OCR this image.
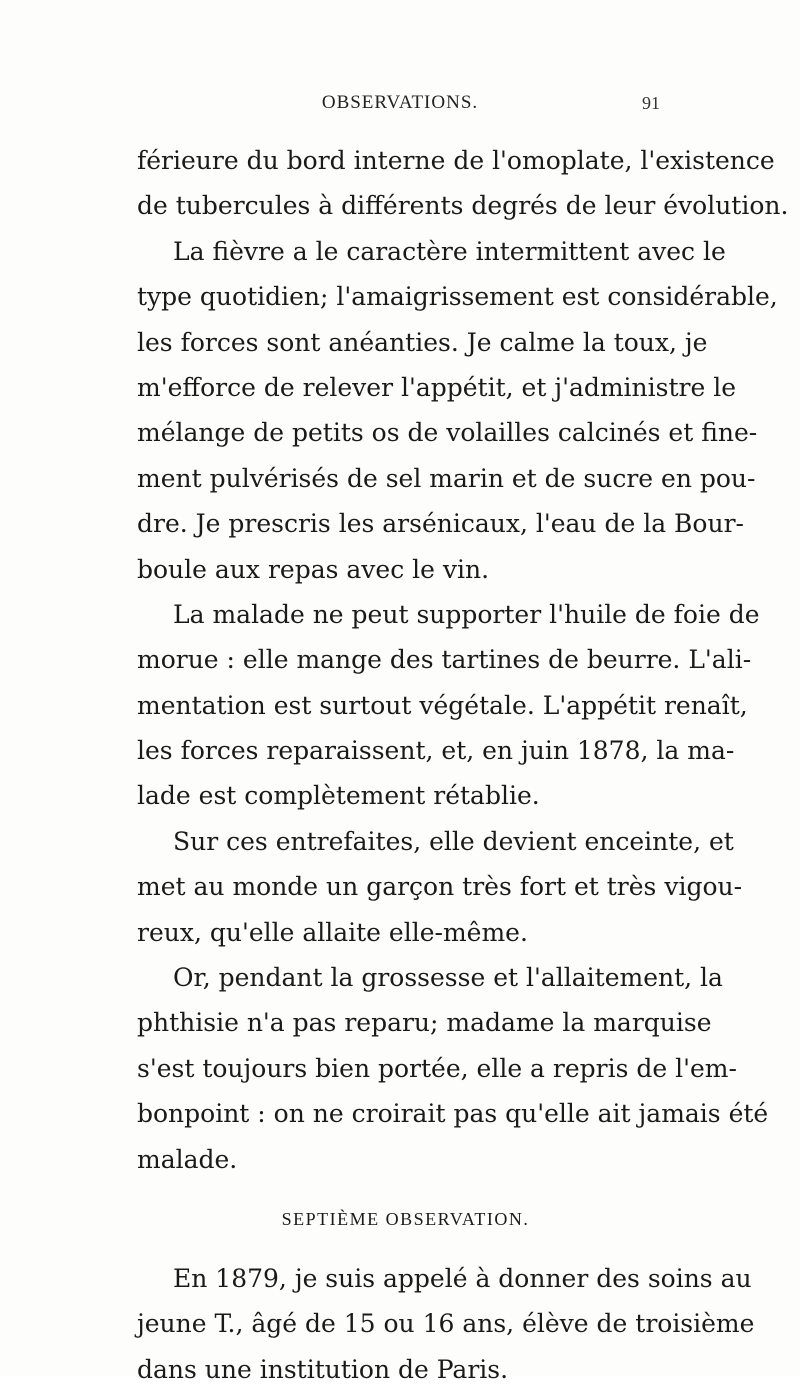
OBSERVATIONS.	91
férieure du bord interne de l'omoplate, l'existence
de tubercules à différents degrés de leur évolution.
La fièvre a le caractère intermittent avec le
type quotidien; l'amaigrissement est considérable,
les forces sont anéanties. Je calme la toux, je
m'efforce de relever l'appétit, et j'administre le
mélange de petits os de volailles calcinés et fine-
ment pulvérisés de sel marin et de sucre en pou-
dre. Je prescris les arsénicaux, l'eau de la Bour-
boule aux repas avec le vin.
La malade ne peut supporter l'huile de foie de
morue : elle mange des tartines de beurre. L'ali-
mentation est surtout végétale. L'appétit renaît,
les forces reparaissent, et, en juin 1878, la ma-
lade est complètement rétablie.
Sur ces entrefaites, elle devient enceinte, et
met au monde un garçon très fort et très vigou-
reux, qu'elle allaite elle-même.
Or, pendant la grossesse et l'allaitement, la
phthisie n'a pas reparu; madame la marquise
s'est toujours bien portée, elle a repris de l'em-
bonpoint : on ne croirait pas qu'elle ait jamais été
malade.
SEPTIÈME OBSERVATION.
En 1879, je suis appelé à donner des soins au
jeune T., âgé de 15 ou 16 ans, élève de troisième
dans une institution de Paris.
